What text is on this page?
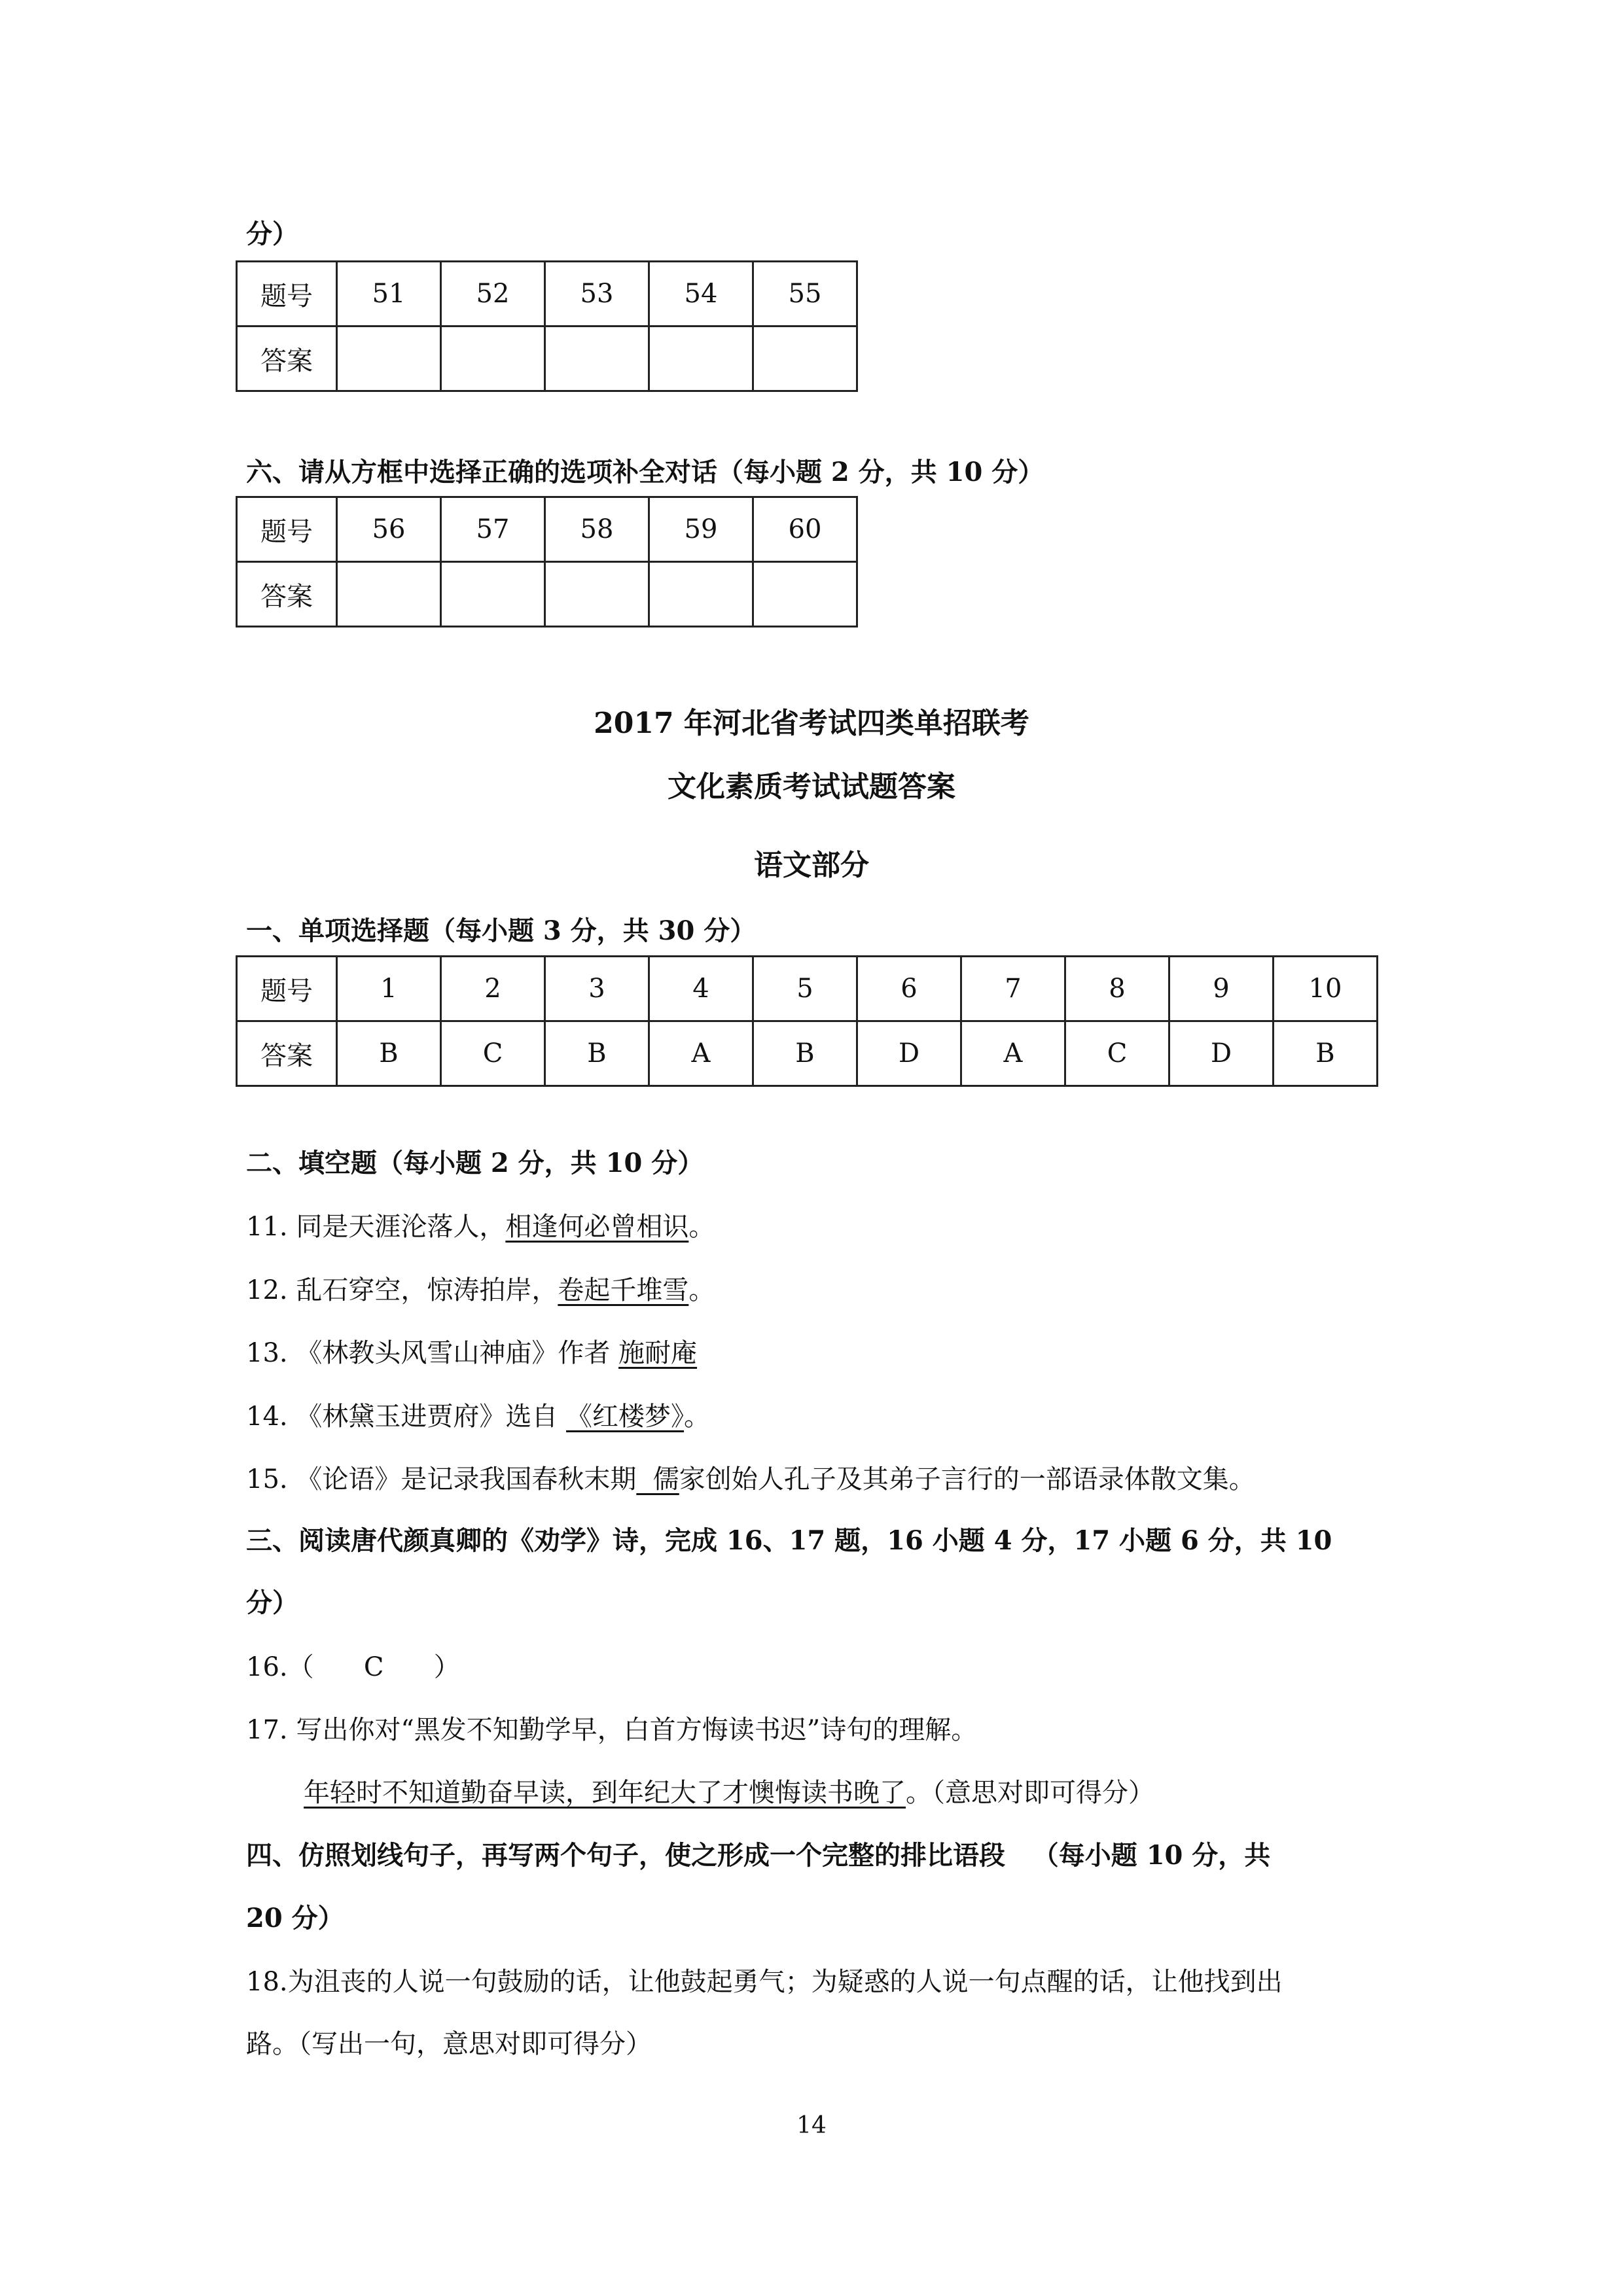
分）
题号	51	52	53	54	55
答案					
六、请从方框中选择正确的选项补全对话（每小题 2 分，共 10 分）
题号	56	57	58	59	60
答案					
2017 年河北省考试四类单招联考
文化素质考试试题答案
语文部分
一、单项选择题（每小题 3 分，共 30 分）
题号	1	2	3	4	5	6	7	8	9	10
答案	B	C	B	A	B	D	A	C	D	B
二、填空题（每小题 2 分，共 10 分）
11. 同是天涯沦落人，相逢何必曾相识。
12. 乱石穿空，惊涛拍岸，卷起千堆雪。
13. 《林教头风雪山神庙》作者 施耐庵
14. 《林黛玉进贾府》选自 《红楼梦》。
15. 《论语》是记录我国春秋末期  儒家创始人孔子及其弟子言行的一部语录体散文集。
三、阅读唐代颜真卿的《劝学》诗，完成 16、17 题，16 小题 4 分，17 小题 6 分，共 10
分）
16.（      C      ）
17. 写出你对“黑发不知勤学早，白首方悔读书迟”诗句的理解。
年轻时不知道勤奋早读，到年纪大了才懊悔读书晚了。（意思对即可得分）
四、仿照划线句子，再写两个句子，使之形成一个完整的排比语段   （每小题 10 分，共
20 分）
18.为沮丧的人说一句鼓励的话，让他鼓起勇气；为疑惑的人说一句点醒的话，让他找到出
路。（写出一句，意思对即可得分）
14
